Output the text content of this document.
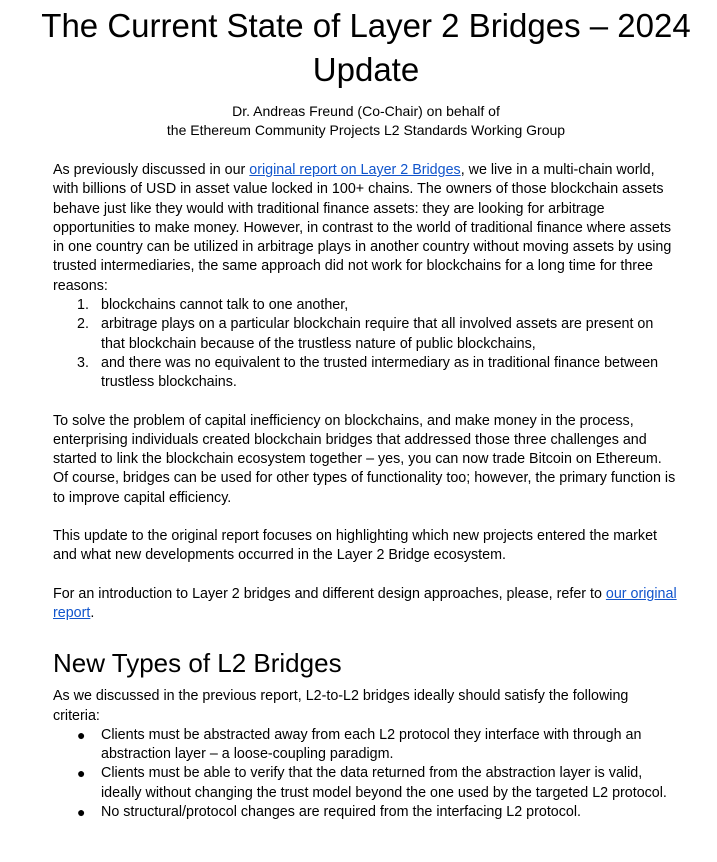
The Current State of Layer 2 Bridges – 2024 Update
Dr. Andreas Freund (Co-Chair) on behalf of
the Ethereum Community Projects L2 Standards Working Group

As previously discussed in our original report on Layer 2 Bridges, we live in a multi-chain world, with billions of USD in asset value locked in 100+ chains. The owners of those blockchain assets behave just like they would with traditional finance assets: they are looking for arbitrage opportunities to make money. However, in contrast to the world of traditional finance where assets in one country can be utilized in arbitrage plays in another country without moving assets by using trusted intermediaries, the same approach did not work for blockchains for a long time for three reasons:

1. blockchains cannot talk to one another,
2. arbitrage plays on a particular blockchain require that all involved assets are present on that blockchain because of the trustless nature of public blockchains,
3. and there was no equivalent to the trusted intermediary as in traditional finance between trustless blockchains.

To solve the problem of capital inefficiency on blockchains, and make money in the process, enterprising individuals created blockchain bridges that addressed those three challenges and started to link the blockchain ecosystem together – yes, you can now trade Bitcoin on Ethereum. Of course, bridges can be used for other types of functionality too; however, the primary function is to improve capital efficiency.

This update to the original report focuses on highlighting which new projects entered the market and what new developments occurred in the Layer 2 Bridge ecosystem.

For an introduction to Layer 2 bridges and different design approaches, please, refer to our original report.

New Types of L2 Bridges

As we discussed in the previous report, L2-to-L2 bridges ideally should satisfy the following criteria:

● Clients must be abstracted away from each L2 protocol they interface with through an abstraction layer – a loose-coupling paradigm.
● Clients must be able to verify that the data returned from the abstraction layer is valid, ideally without changing the trust model beyond the one used by the targeted L2 protocol.
● No structural/protocol changes are required from the interfacing L2 protocol.
